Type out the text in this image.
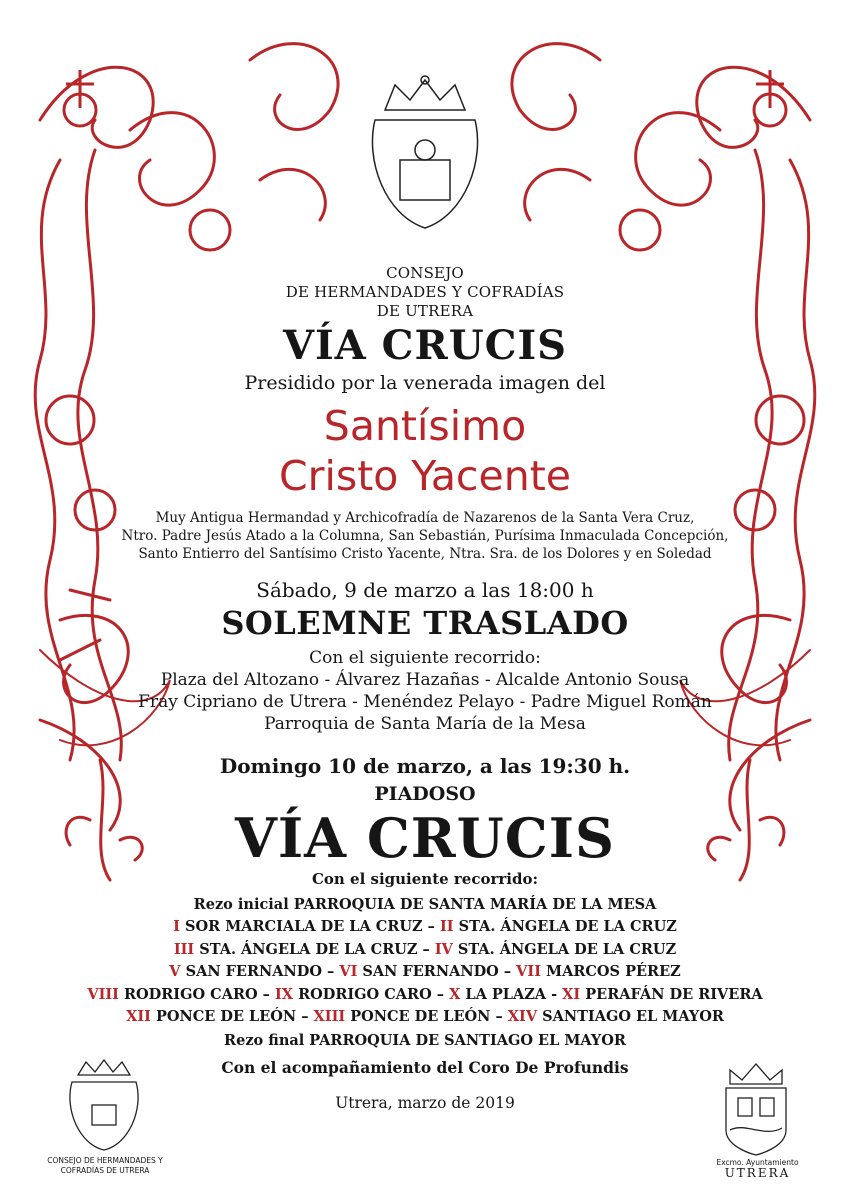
CONSEJO
DE HERMANDADES Y COFRADÍAS
DE UTRERA
VÍA CRUCIS
Presidido por la venerada imagen del
Santísimo
Cristo Yacente
Muy Antigua Hermandad y Archicofradía de Nazarenos de la Santa Vera Cruz,
Ntro. Padre Jesús Atado a la Columna, San Sebastián, Purísima Inmaculada Concepción,
Santo Entierro del Santísimo Cristo Yacente, Ntra. Sra. de los Dolores y en Soledad
Sábado, 9 de marzo a las 18:00 h
SOLEMNE TRASLADO
Con el siguiente recorrido:
Plaza del Altozano - Álvarez Hazañas - Alcalde Antonio Sousa
Fray Cipriano de Utrera - Menéndez Pelayo - Padre Miguel Román
Parroquia de Santa María de la Mesa
Domingo 10 de marzo, a las 19:30 h.
PIADOSO
VÍA CRUCIS
Con el siguiente recorrido:
Rezo inicial PARROQUIA DE SANTA MARÍA DE LA MESA
I SOR MARCIALA DE LA CRUZ – II STA. ÁNGELA DE LA CRUZ
III STA. ÁNGELA DE LA CRUZ – IV STA. ÁNGELA DE LA CRUZ
V SAN FERNANDO – VI SAN FERNANDO – VII MARCOS PÉREZ
VIII RODRIGO CARO – IX RODRIGO CARO – X LA PLAZA - XI PERAFÁN DE RIVERA
XII PONCE DE LEÓN – XIII PONCE DE LEÓN – XIV SANTIAGO EL MAYOR
Rezo final PARROQUIA DE SANTIAGO EL MAYOR
Con el acompañamiento del Coro De Profundis
Utrera, marzo de 2019
CONSEJO DE HERMANDADES Y
COFRADÍAS DE UTRERA
Excmo. Ayuntamiento
UTRERA
